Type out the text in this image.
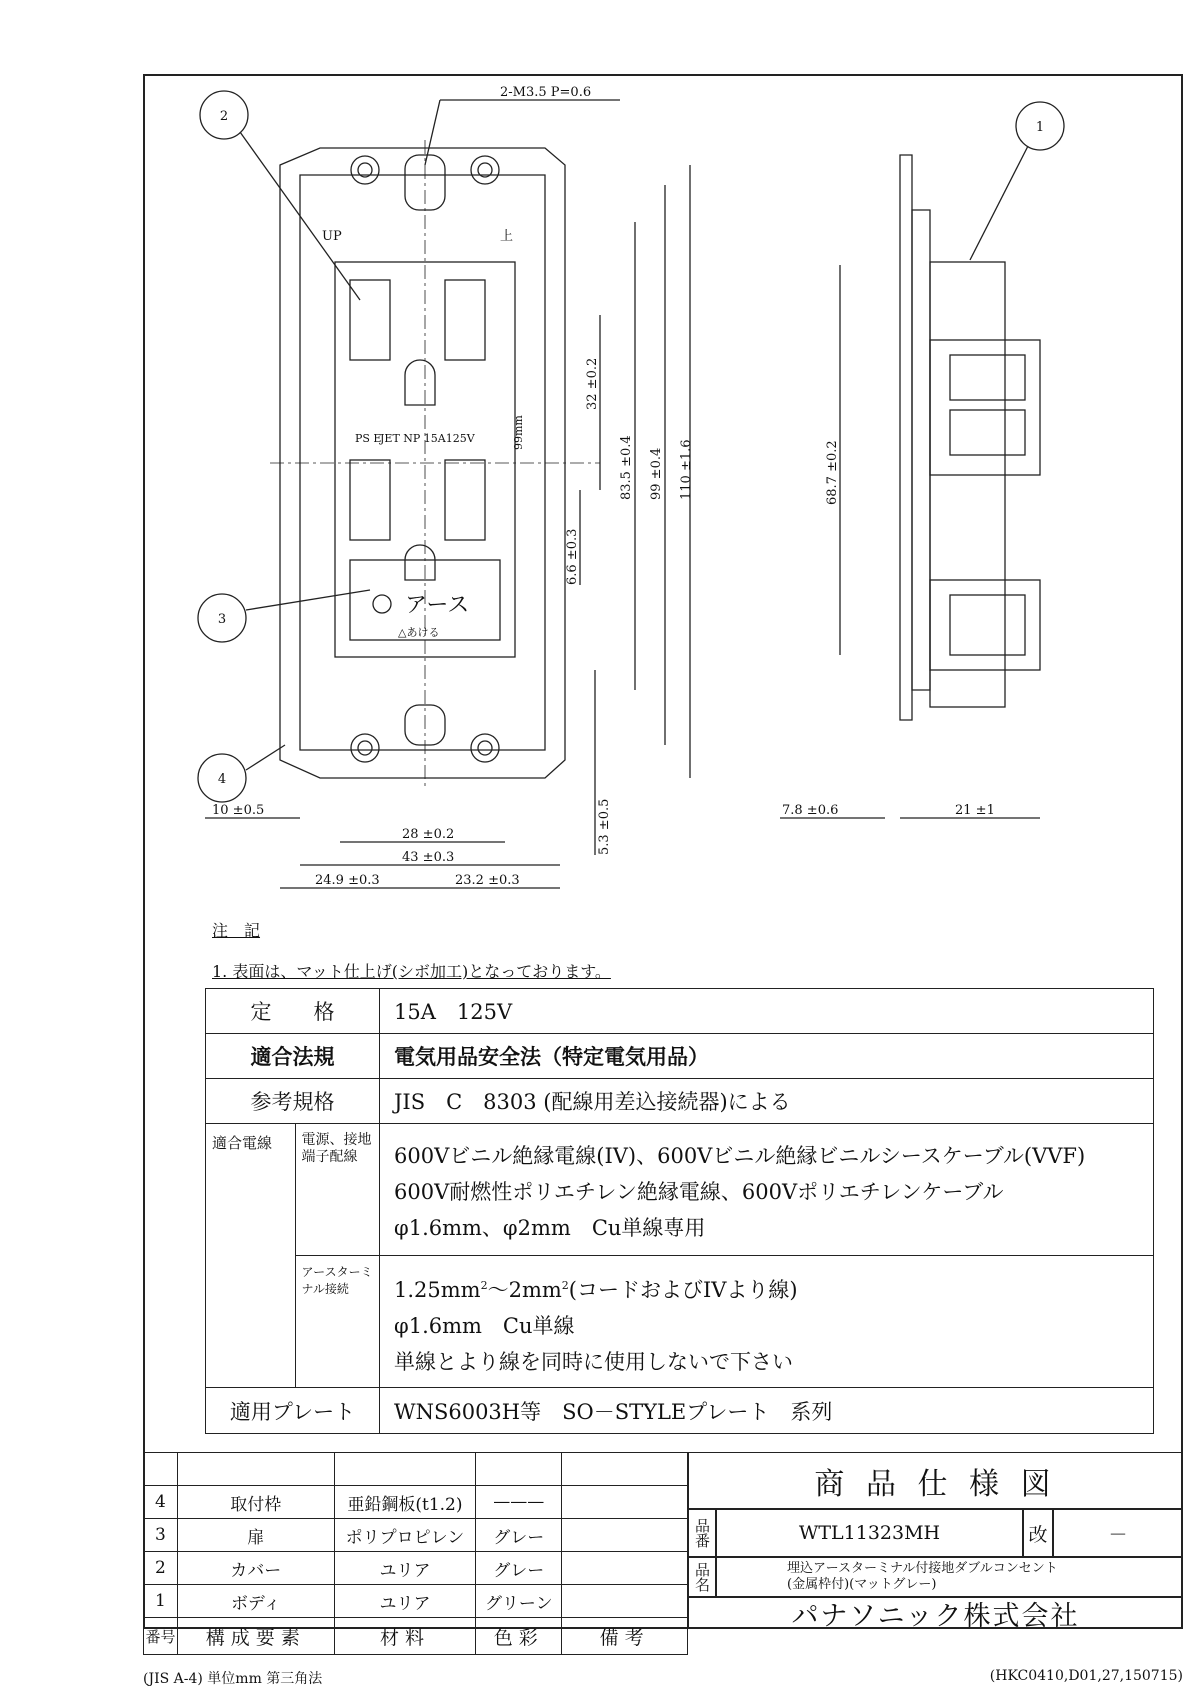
2
1
3
4
2-M3.5 P=0.6
UP	上
JET NP 15A125V
PS E	99mm
アース
△あける
32 ±0.2
83.5 ±0.4 99 ±0.4 110 ±1.6
6.6 ±0.3
5.3 ±0.5
10 ±0.5
28 ±0.2
43 ±0.3
24.9 ±0.3	23.2 ±0.3
68.7 ±0.2
7.8 ±0.6	21 ±1
注　記
1. 表面は、マット仕上げ(シボ加工)となっております。
定　　格		15A　125V
適合法規		電気用品安全法（特定電気用品）
参考規格		JIS　C　8303 (配線用差込接続器)による
適合電線	電源、接地端子配線	600Vビニル絶縁電線(IV)、600Vビニル絶縁ビニルシースケーブル(VVF)
600V耐燃性ポリエチレン絶縁電線、600Vポリエチレンケーブル
φ1.6mm、φ2mm　Cu単線専用

	アースターミナル接続	$1.25mm^2\sim 2mm^2$(コードおよびIVより線)
φ1.6mm　Cu単線
単線とより線を同時に使用しないで下さい

適用プレート		WNS6003H等　SO－STYLEプレート　系列

4	取付枠	亜鉛鋼板(t1.2)	———	
3	扉	ポリプロピレン	グレー	
2	カバー	ユリア	グレー	
1	ボディ	ユリア	グリーン	
番号	構成要素	材料	色彩	備考
商 品 仕 様 図
品番	WTL11323MH	改	－
品名	埋込アースターミナル付接地ダブルコンセント
(金属枠付)(マットグレー)
パナソニック株式会社
(JIS A-4) 単位mm 第三角法	(HKC0410,D01,27,150715)
